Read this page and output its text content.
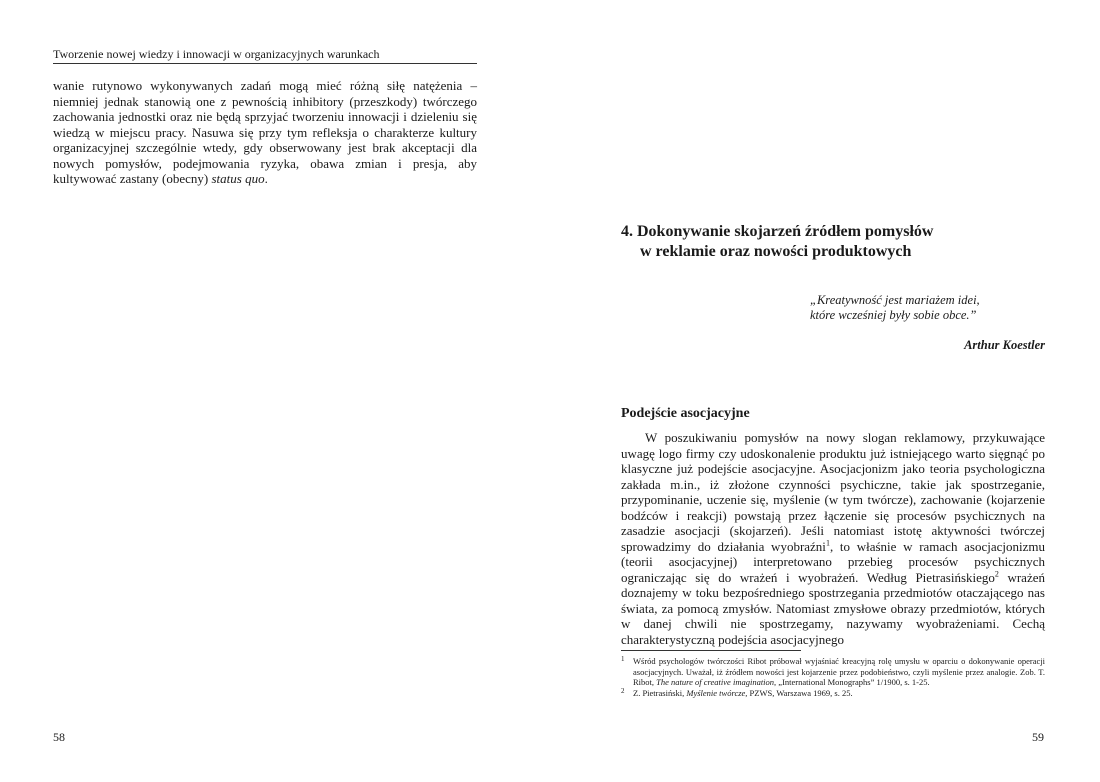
Tworzenie nowej wiedzy i innowacji w organizacyjnych warunkach

wanie rutynowo wykonywanych zadań mogą mieć różną siłę natężenia – niemniej jednak stanowią one z pewnością inhibitory (przeszkody) twórczego zachowania jednostki oraz nie będą sprzyjać tworzeniu innowacji i dzieleniu się wiedzą w miejscu pracy. Nasuwa się przy tym refleksja o charakterze kultury organizacyjnej szczególnie wtedy, gdy obserwowany jest brak akceptacji dla nowych pomysłów, podejmowania ryzyka, obawa zmian i presja, aby kultywować zastany (obecny) status quo.

58
4. Dokonywanie skojarzeń źródłem pomysłów
w reklamie oraz nowości produktowych

„Kreatywność jest mariażem idei,
które wcześniej były sobie obce.”

Arthur Koestler

Podejście asocjacyjne

W poszukiwaniu pomysłów na nowy slogan reklamowy, przykuwające uwagę logo firmy czy udoskonalenie produktu już istniejącego warto sięgnąć po klasyczne już podejście asocjacyjne. Asocjacjonizm jako teoria psychologiczna zakłada m.in., iż złożone czynności psychiczne, takie jak spostrzeganie, przypominanie, uczenie się, myślenie (w tym twórcze), zachowanie (kojarzenie bodźców i reakcji) powstają przez łączenie się procesów psychicznych na zasadzie asocjacji (skojarzeń). Jeśli natomiast istotę aktywności twórczej sprowadzimy do działania wyobraźni$^1$, to właśnie w ramach asocjacjonizmu (teorii asocjacyjnej) interpretowano przebieg procesów psychicznych ograniczając się do wrażeń i wyobrażeń. Według Pietrasińskiego$^2$ wrażeń doznajemy w toku bezpośredniego spostrzegania przedmiotów otaczającego nas świata, za pomocą zmysłów. Natomiast zmysłowe obrazy przedmiotów, których w danej chwili nie spostrzegamy, nazywamy wyobrażeniami. Cechą charakterystyczną podejścia asocjacyjnego

1 Wśród psychologów twórczości Ribot próbował wyjaśniać kreacyjną rolę umysłu w oparciu o dokonywanie operacji asocjacyjnych. Uważał, iż źródłem nowości jest kojarzenie przez podobieństwo, czyli myślenie przez analogie. Zob. T. Ribot, The nature of creative imagination, „International Monographs” 1/1900, s. 1-25.
2 Z. Pietrasiński, Myślenie twórcze, PZWS, Warszawa 1969, s. 25.
59
